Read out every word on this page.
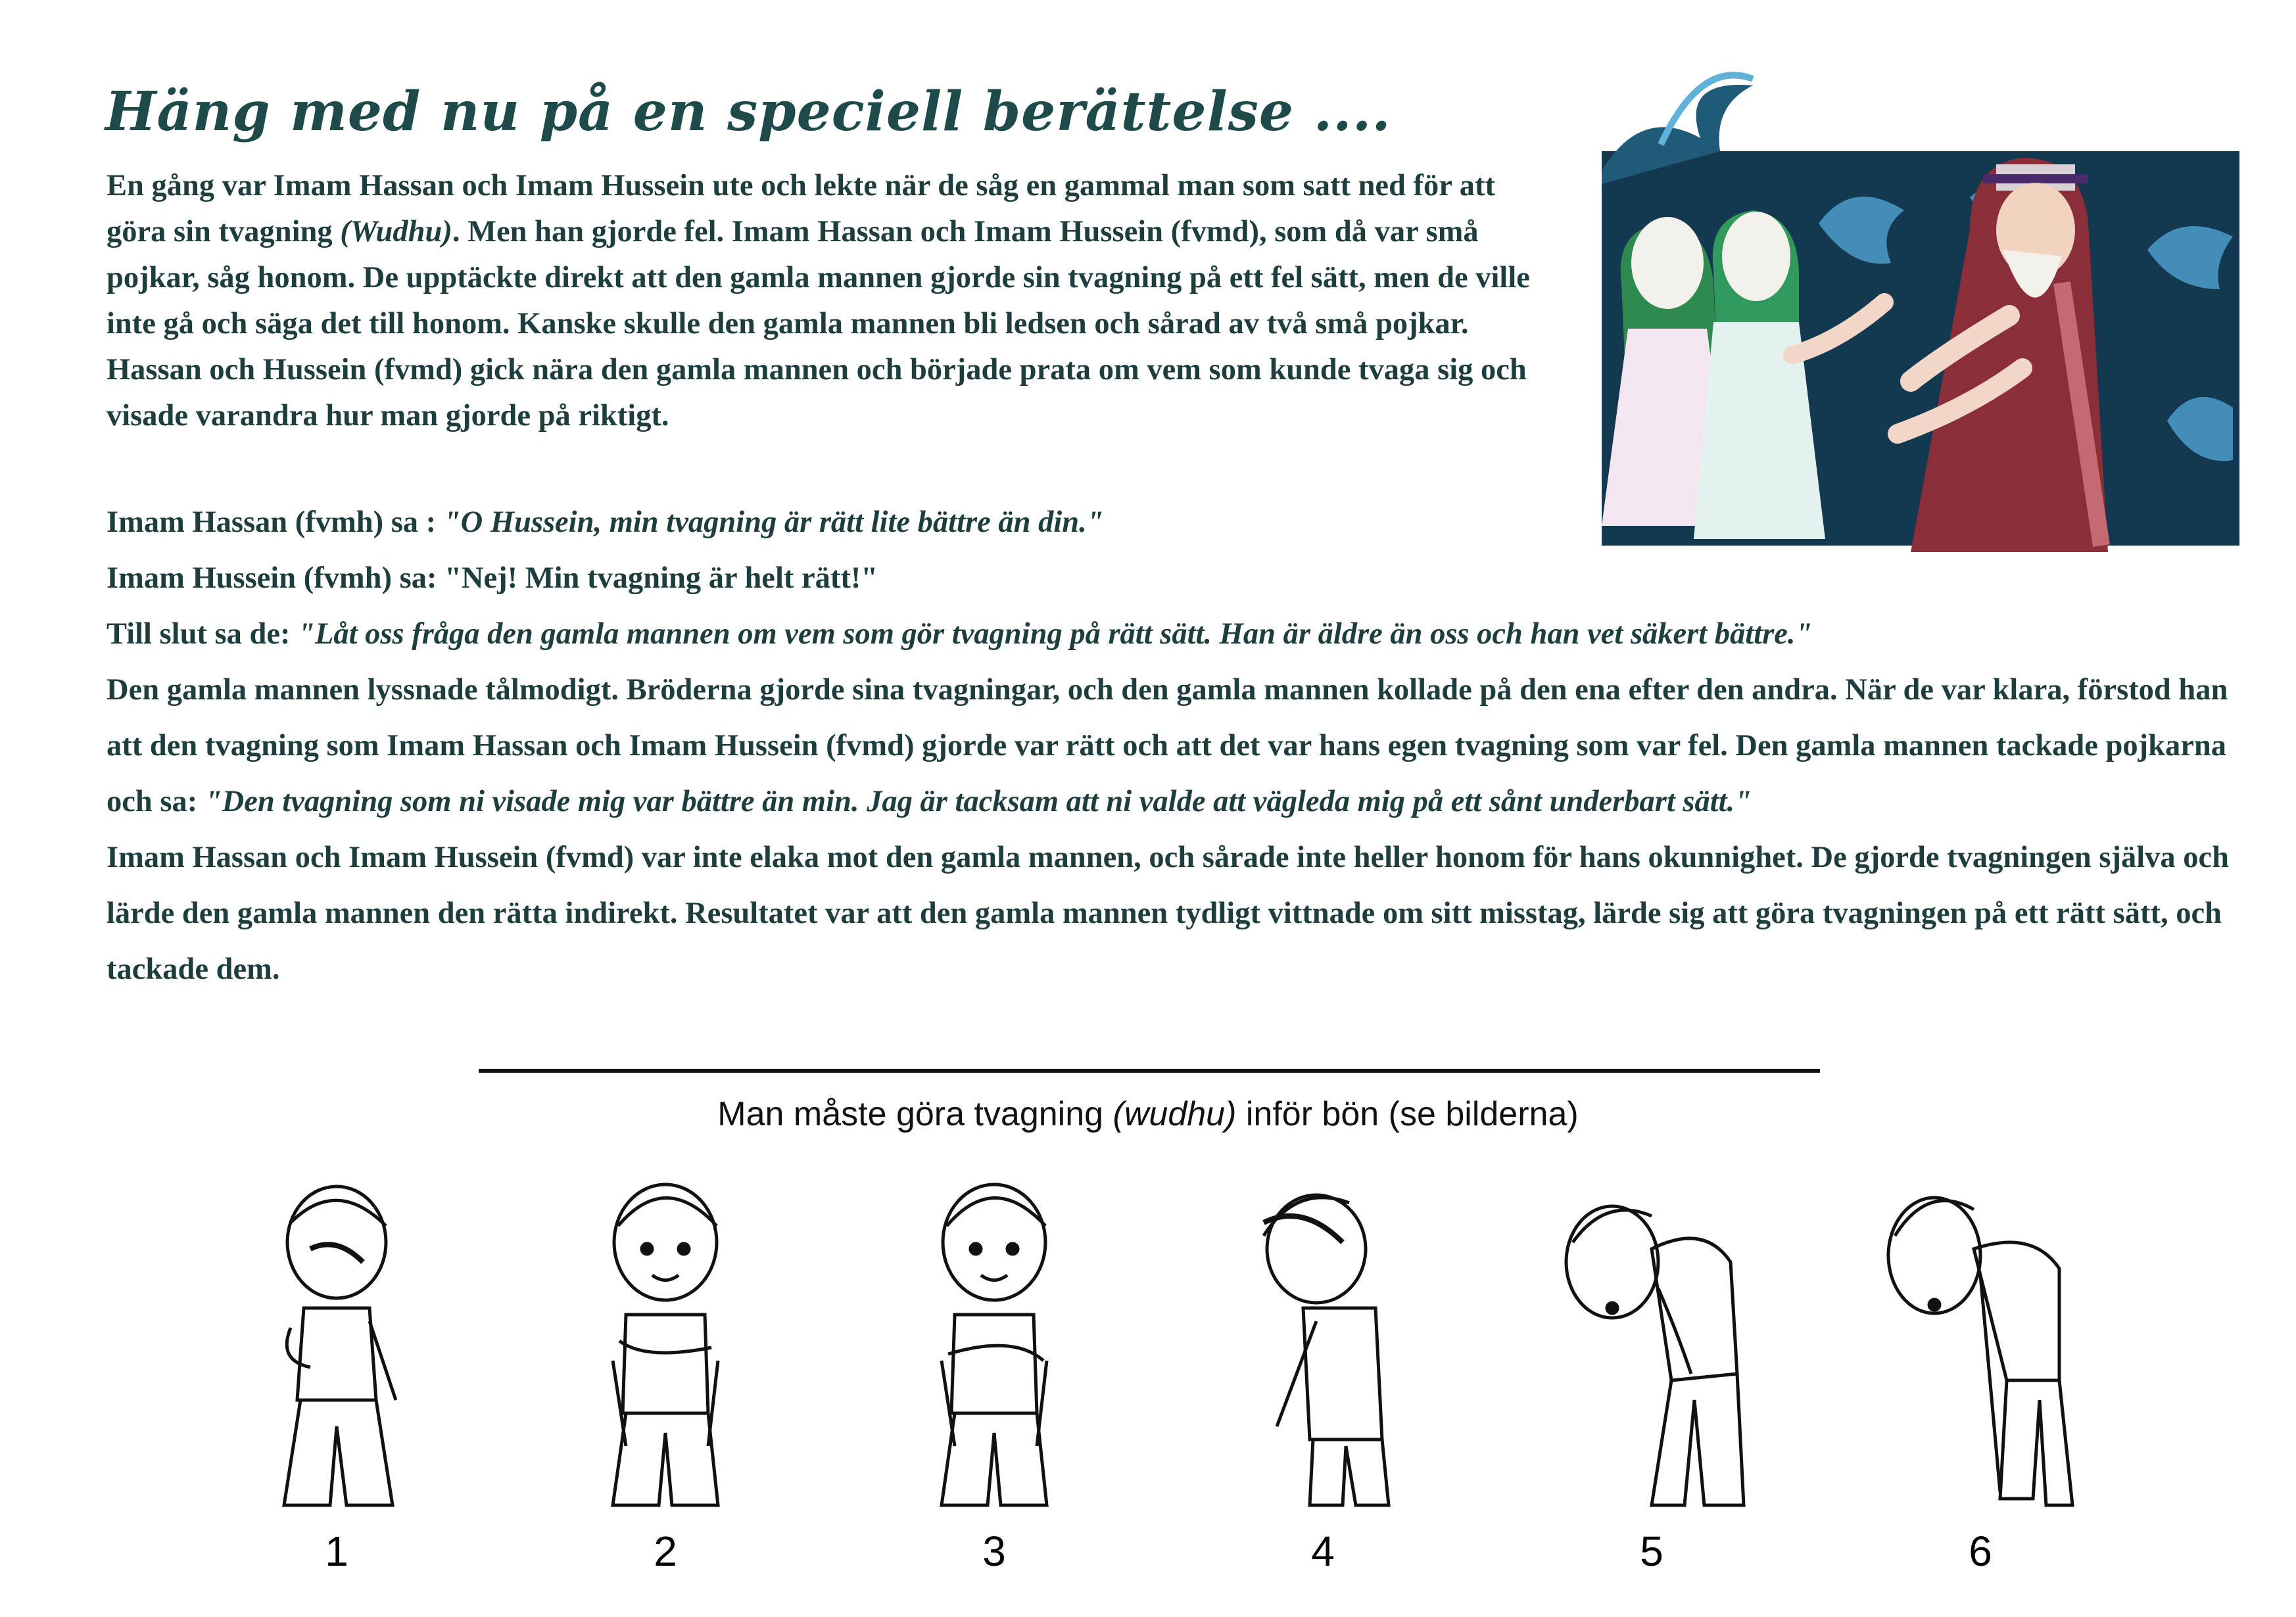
Häng med nu på en speciell berättelse ....

En gång var Imam Hassan och Imam Hussein ute och lekte när de såg en gammal man som satt ned för att göra sin tvagning (Wudhu). Men han gjorde fel. Imam Hassan och Imam Hussein (fvmd), som då var små pojkar, såg honom. De upptäckte direkt att den gamla mannen gjorde sin tvagning på ett fel sätt, men de ville inte gå och säga det till honom. Kanske skulle den gamla mannen bli ledsen och sårad av två små pojkar. Hassan och Hussein (fvmd) gick nära den gamla mannen och började prata om vem som kunde tvaga sig och visade varandra hur man gjorde på riktigt.

Imam Hassan (fvmh) sa : "O Hussein, min tvagning är rätt lite bättre än din."

Imam Hussein (fvmh) sa: "Nej! Min tvagning är helt rätt!"

Till slut sa de: "Låt oss fråga den gamla mannen om vem som gör tvagning på rätt sätt. Han är äldre än oss och han vet säkert bättre."

Den gamla mannen lyssnade tålmodigt. Bröderna gjorde sina tvagningar, och den gamla mannen kollade på den ena efter den andra. När de var klara, förstod han att den tvagning som Imam Hassan och Imam Hussein (fvmd) gjorde var rätt och att det var hans egen tvagning som var fel. Den gamla mannen tackade pojkarna och sa: "Den tvagning som ni visade mig var bättre än min. Jag är tacksam att ni valde att vägleda mig på ett sånt underbart sätt."

Imam Hassan och Imam Hussein (fvmd) var inte elaka mot den gamla mannen, och sårade inte heller honom för hans okunnighet. De gjorde tvagningen själva och lärde den gamla mannen den rätta indirekt. Resultatet var att den gamla mannen tydligt vittnade om sitt misstag, lärde sig att göra tvagningen på ett rätt sätt, och tackade dem.

Man måste göra tvagning (wudhu) inför bön (se bilderna)
1	2	3	4	5	6
